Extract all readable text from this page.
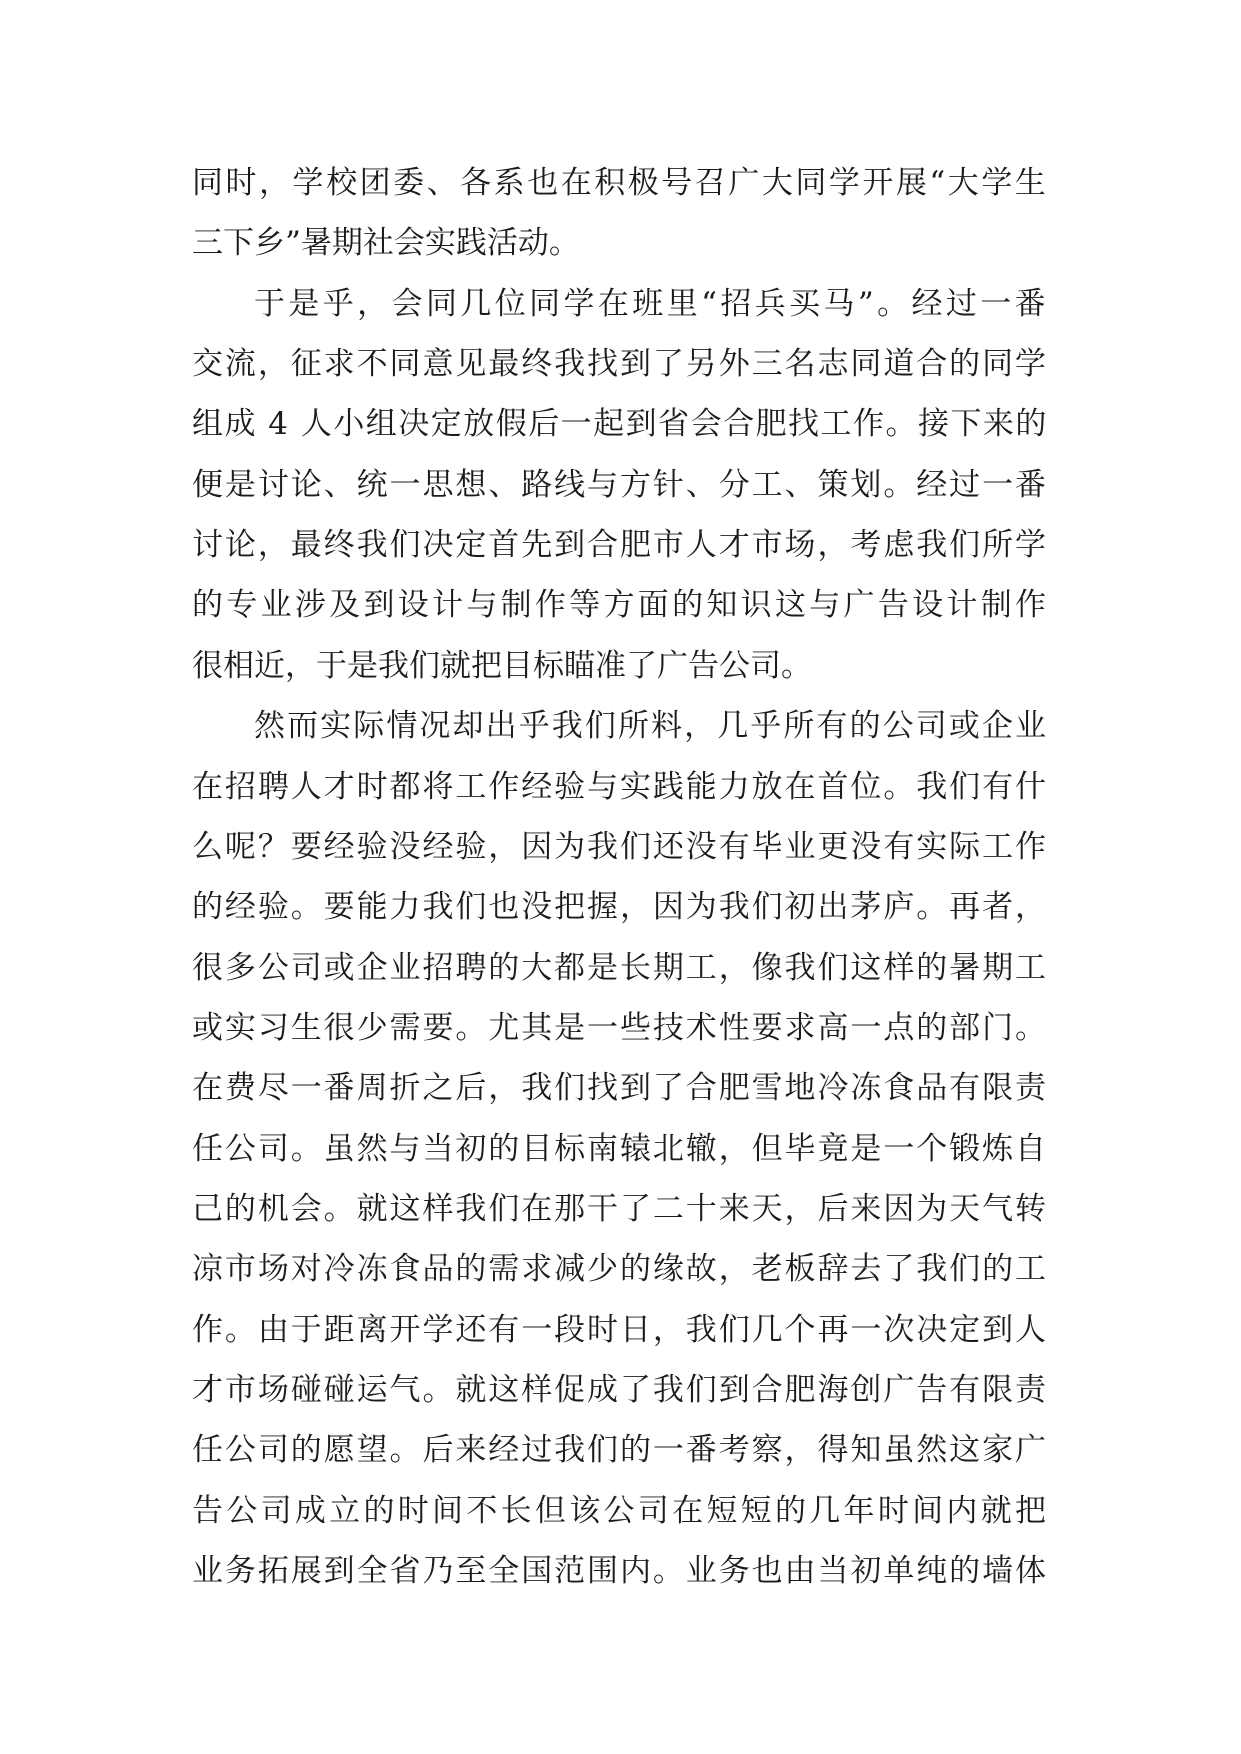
同时，学校团委、各系也在积极号召广大同学开展“大学生
三下乡”暑期社会实践活动。
于是乎，会同几位同学在班里“招兵买马”。经过一番
交流，征求不同意见最终我找到了另外三名志同道合的同学
组成 4 人小组决定放假后一起到省会合肥找工作。接下来的
便是讨论、统一思想、路线与方针、分工、策划。经过一番
讨论，最终我们决定首先到合肥市人才市场，考虑我们所学
的专业涉及到设计与制作等方面的知识这与广告设计制作
很相近，于是我们就把目标瞄准了广告公司。
然而实际情况却出乎我们所料，几乎所有的公司或企业
在招聘人才时都将工作经验与实践能力放在首位。我们有什
么呢？要经验没经验，因为我们还没有毕业更没有实际工作
的经验。要能力我们也没把握，因为我们初出茅庐。再者，
很多公司或企业招聘的大都是长期工，像我们这样的暑期工
或实习生很少需要。尤其是一些技术性要求高一点的部门。
在费尽一番周折之后，我们找到了合肥雪地冷冻食品有限责
任公司。虽然与当初的目标南辕北辙，但毕竟是一个锻炼自
己的机会。就这样我们在那干了二十来天，后来因为天气转
凉市场对冷冻食品的需求减少的缘故，老板辞去了我们的工
作。由于距离开学还有一段时日，我们几个再一次决定到人
才市场碰碰运气。就这样促成了我们到合肥海创广告有限责
任公司的愿望。后来经过我们的一番考察，得知虽然这家广
告公司成立的时间不长但该公司在短短的几年时间内就把
业务拓展到全省乃至全国范围内。业务也由当初单纯的墙体
